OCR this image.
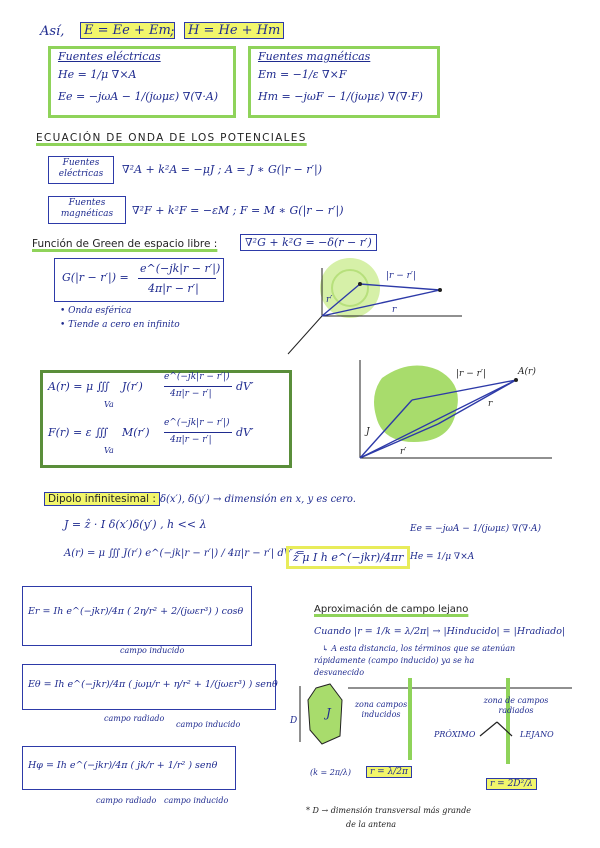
Así,	E = Ee + Em ;	H = He + Hm
Fuentes eléctricas
He = 1/μ ∇×A
Ee = −jωA − 1/(jωμε) ∇(∇·A)
Fuentes magnéticas
Em = −1/ε ∇×F
Hm = −jωF − 1/(jωμε) ∇(∇·F)
ECUACIÓN DE ONDA DE LOS POTENCIALES
Fuentes eléctricas	∇²A + k²A = −μJ ; A = J ∗ G(|r − r′|)
Fuentes magnéticas	∇²F + k²F = −εM ; F = M ∗ G(|r − r′|)
Función de Green de espacio libre :	∇²G + k²G = −δ(r − r′)
G(|r − r′|) =
e^(−jk|r − r′|)
4π|r − r′|
• Onda esférica
• Tiende a cero en infinito
|r − r′|
r
r′
A(r) = μ ∭ J(r′)
e^(−jk|r − r′|)
4π|r − r′|
dV′
Va
F(r) = ε ∭ M(r′)
e^(−jk|r − r′|)
4π|r − r′|
dV′
Va
|r − r′|	A(r)
r
r′
J
Dipolo infinitesimal : δ(x′), δ(y′) → dimensión en x, y es cero.
J = ẑ · I δ(x′)δ(y′) , h << λ
A(r) = μ ∭ J(r′) e^(−jk|r − r′|) / 4π|r − r′| dV′ =
ẑ μ I h e^(−jkr)/4πr
Ee = −jωA − 1/(jωμε) ∇(∇·A)
He = 1/μ ∇×A
Er = Ih e^(−jkr)/4π ( 2η/r² + 2/(jωεr³) ) cosθ
campo inducido
Eθ = Ih e^(−jkr)/4π ( jωμ/r + η/r² + 1/(jωεr³) ) senθ
campo radiado
campo inducido
Hφ = Ih e^(−jkr)/4π ( jk/r + 1/r² ) senθ
campo radiado campo inducido
Aproximación de campo lejano
Cuando |r = 1/k = λ/2π| → |Hinducido| = |Hradiado|
↳ A esta distancia, los términos que se atenúan
rápidamente (campo inducido) ya se ha
desvanecido
D
J
zona campos inducidos
zona de campos radiados
PRÓXIMO	LEJANO
(k = 2π/λ)	r = λ/2π
r = 2D²/λ
* D → dimensión transversal más grande
de la antena
